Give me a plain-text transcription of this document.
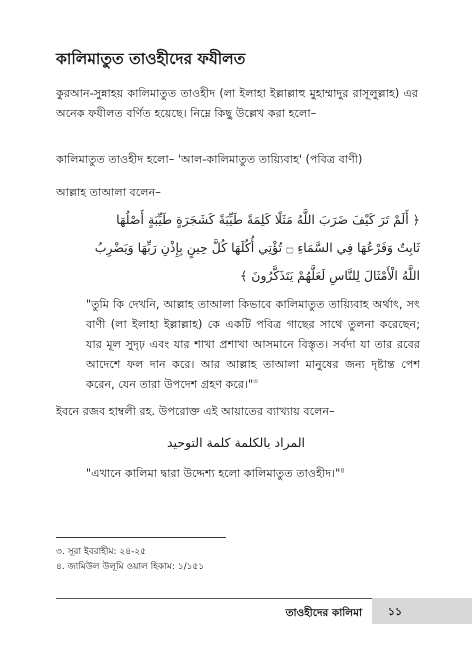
কালিমাতুত তাওহীদের ফযীলত
কুরআন-সুন্নাহয় কালিমাতুত তাওহীদ (লা ইলাহা ইল্লাল্লাহু মুহাম্মাদুর রাসূলুল্লাহ) এর অনেক ফযীলত বর্ণিত হয়েছে। নিম্নে কিছু উল্লেখ করা হলো–
কালিমাতুত তাওহীদ হলো– 'আল-কালিমাতুত তায়্যিবাহ' (পবিত্র বাণী)
আল্লাহ তাআলা বলেন–
﴿ أَلَمْ تَرَ كَيْفَ ضَرَبَ اللَّهُ مَثَلًا كَلِمَةً طَيِّبَةً كَشَجَرَةٍ طَيِّبَةٍ أَصْلُهَا
ثَابِتٌ وَفَرْعُهَا فِي السَّمَاءِ ۝ تُؤْتِي أُكُلَهَا كُلَّ حِينٍ بِإِذْنِ رَبِّهَا وَيَضْرِبُ
اللَّهُ الْأَمْثَالَ لِلنَّاسِ لَعَلَّهُمْ يَتَذَكَّرُونَ ﴾
"তুমি কি দেখনি, আল্লাহ তাআলা কিভাবে কালিমাতুত তায়্যিবাহ অর্থাৎ, সৎ বাণী (লা ইলাহা ইল্লাল্লাহ) কে একটি পবিত্র গাছের সাথে তুলনা করেছেন; যার মূল সুদৃঢ় এবং যার শাখা প্রশাখা আসমানে বিস্তৃত। সর্বদা যা তার রবের আদেশে ফল দান করে। আর আল্লাহ তাআলা মানুষের জন্য দৃষ্টান্ত পেশ করেন, যেন তারা উপদেশ গ্রহণ করে।"$^৩$
ইবনে রজব হাম্বলী রহ. উপরোক্ত এই আয়াতের ব্যাখ্যায় বলেন–
المراد بالكلمة كلمة التوحيد
"এখানে কালিমা দ্বারা উদ্দেশ্য হলো কালিমাতুত তাওহীদ।"$^৪$
৩. সূরা ইবরাহীম: ২৪-২৫
৪. জামিউল উলূমি ওয়াল হিকাম: ১/১৫১
তাওহীদের কালিমা	১১
